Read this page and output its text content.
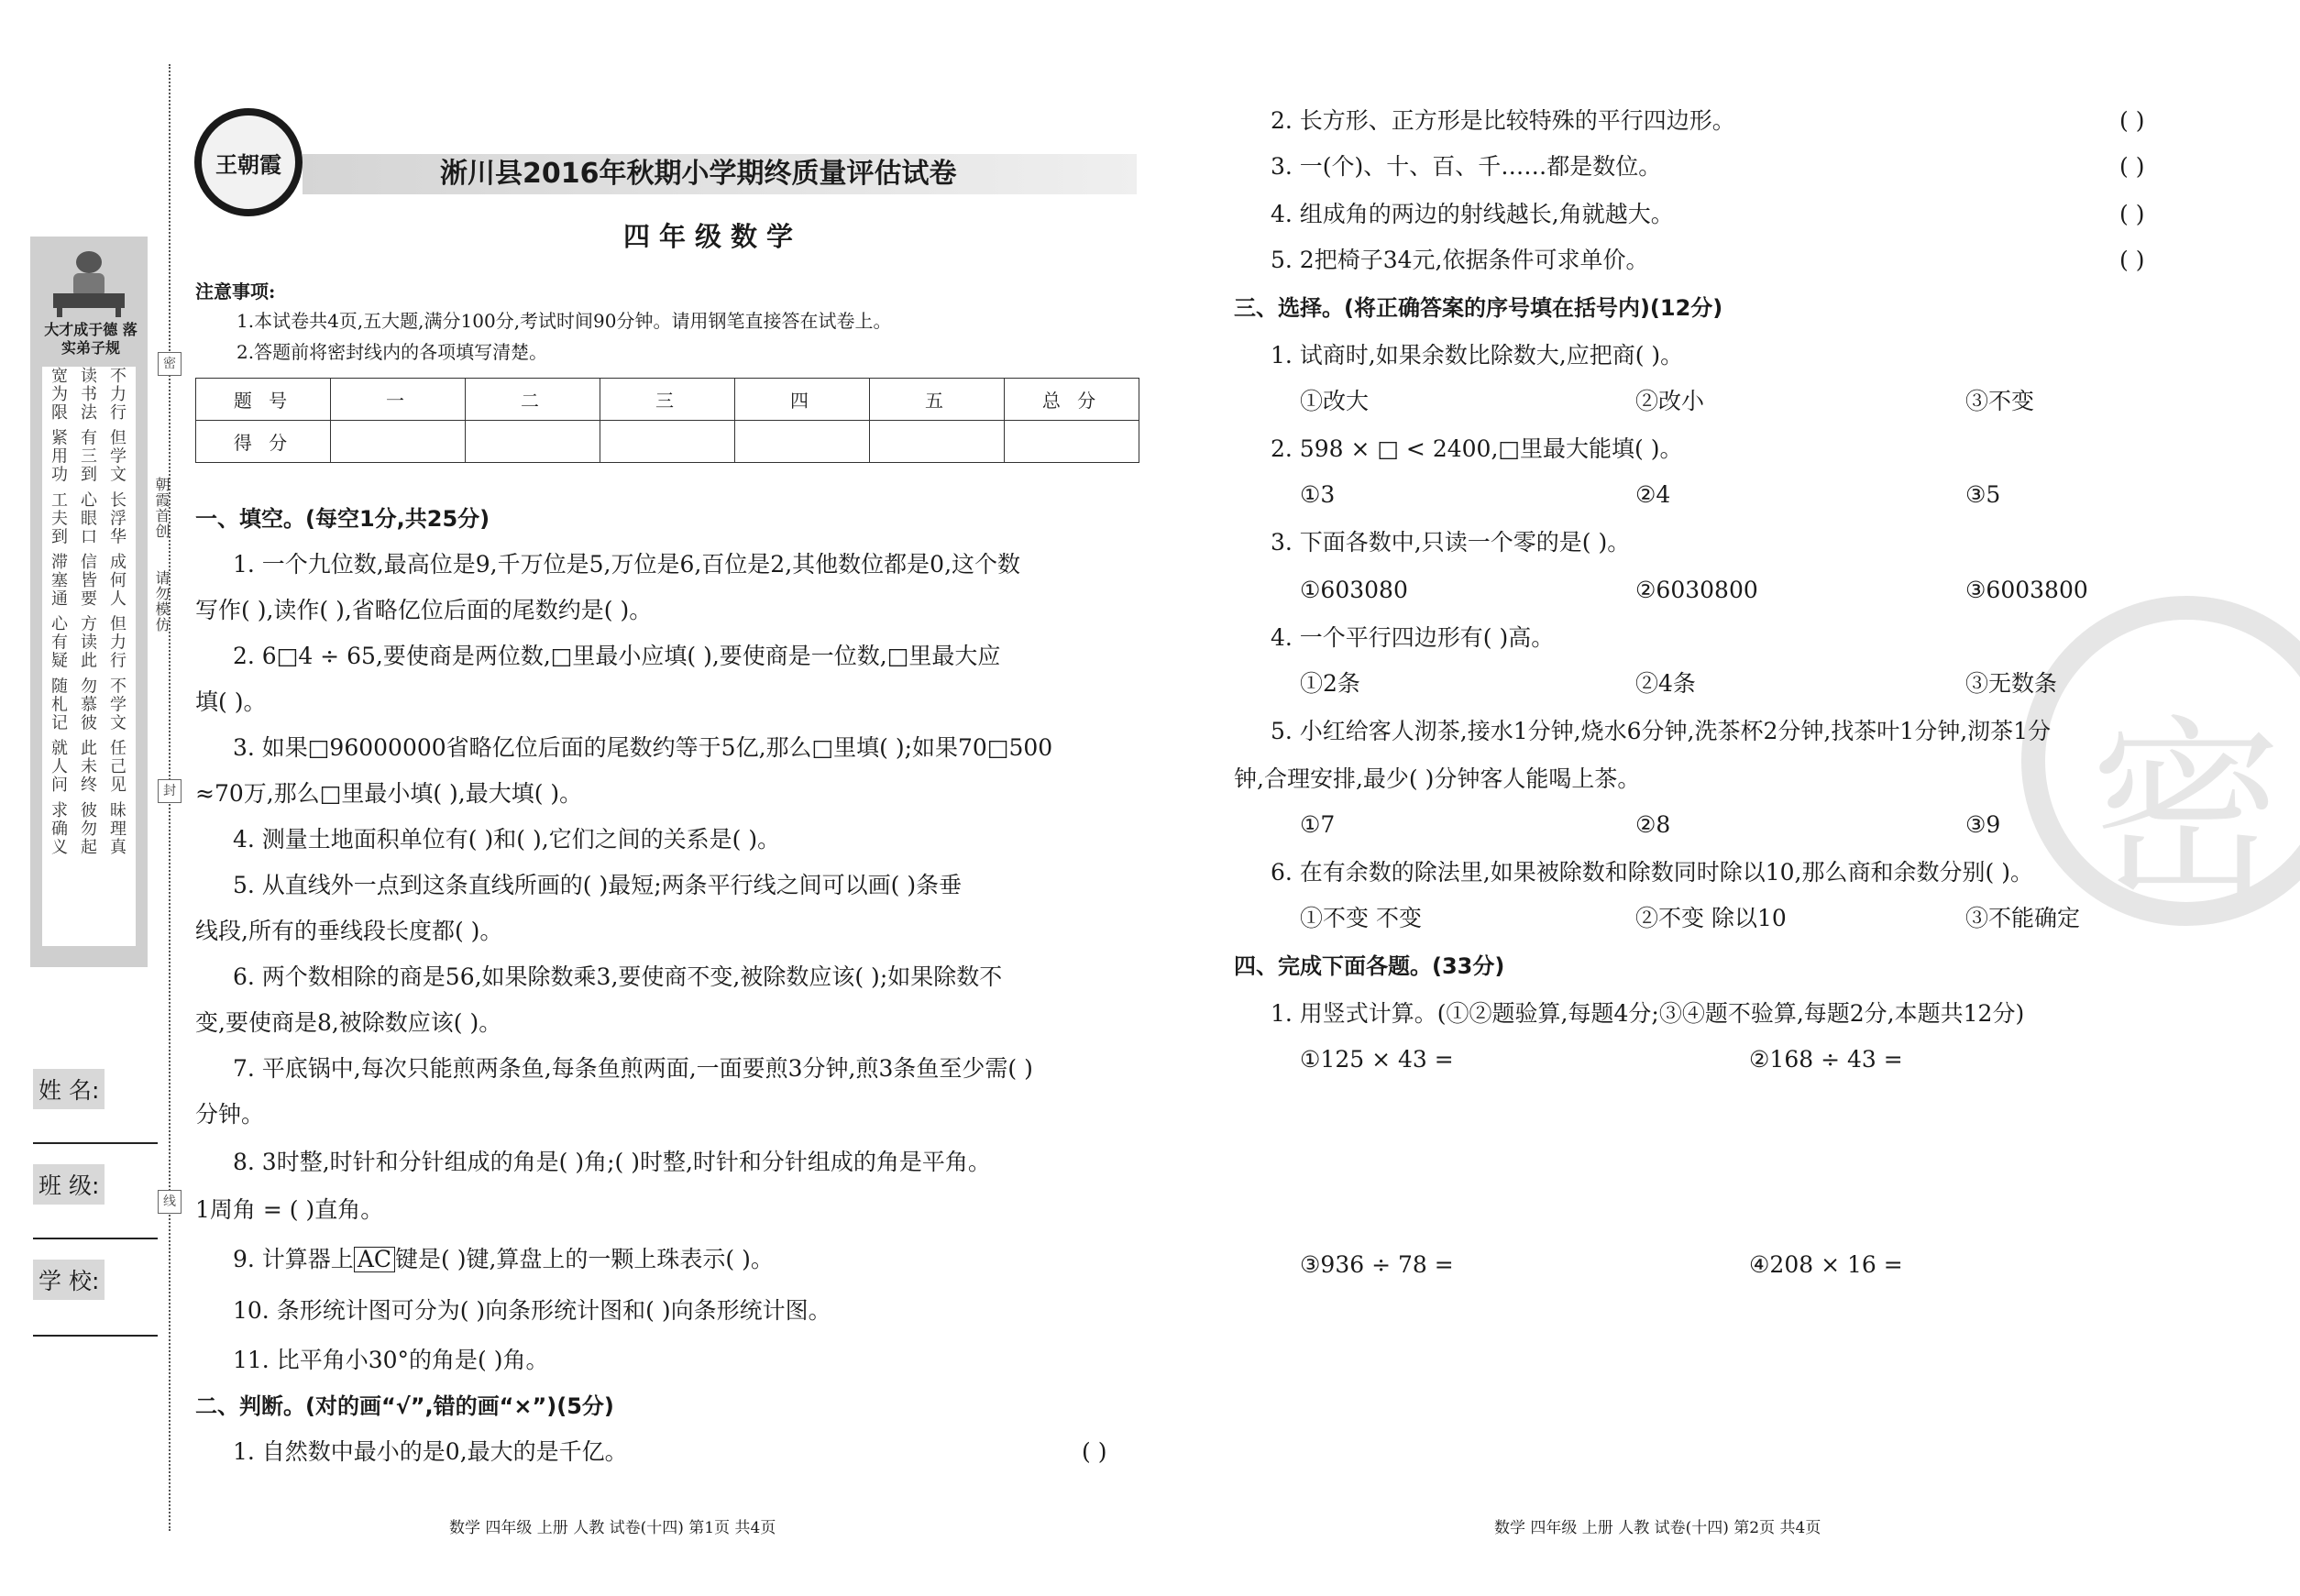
大才成于德 落实弟子规
不力行 但学文 长浮华 成何人 但力行 不学文 任己见 昧理真
读书法 有三到 心眼口 信皆要 方读此 勿慕彼 此未终 彼勿起
宽为限 紧用功 工夫到 滞塞通 心有疑 随札记 就人问 求确义
密
封
线
朝霞首创
请勿模仿
姓 名:
班 级:
学 校:
王朝霞	淅川县2016年秋期小学期终质量评估试卷
四年级数学
注意事项:
1.本试卷共4页,五大题,满分100分,考试时间90分钟。请用钢笔直接答在试卷上。
2.答题前将密封线内的各项填写清楚。
题 号	一	二	三	四	五	总 分
得 分						
一、填空。(每空1分,共25分)
1. 一个九位数,最高位是9,千万位是5,万位是6,百位是2,其他数位都是0,这个数
写作( ),读作( ),省略亿位后面的尾数约是( )。
2. 6□4 ÷ 65,要使商是两位数,□里最小应填( ),要使商是一位数,□里最大应
填( )。
3. 如果□96000000省略亿位后面的尾数约等于5亿,那么□里填( );如果70□500
≈70万,那么□里最小填( ),最大填( )。
4. 测量土地面积单位有( )和( ),它们之间的关系是( )。
5. 从直线外一点到这条直线所画的( )最短;两条平行线之间可以画( )条垂
线段,所有的垂线段长度都( )。
6. 两个数相除的商是56,如果除数乘3,要使商不变,被除数应该( );如果除数不
变,要使商是8,被除数应该( )。
7. 平底锅中,每次只能煎两条鱼,每条鱼煎两面,一面要煎3分钟,煎3条鱼至少需( )
分钟。
8. 3时整,时针和分针组成的角是( )角;( )时整,时针和分针组成的角是平角。
1周角 = ( )直角。
9. 计算器上 AC 键是( )键,算盘上的一颗上珠表示( )。
10. 条形统计图可分为( )向条形统计图和( )向条形统计图。
11. 比平角小30°的角是( )角。
二、判断。(对的画“√”,错的画“×”)(5分)
1. 自然数中最小的是0,最大的是千亿。	( )
2. 长方形、正方形是比较特殊的平行四边形。	( )
3. 一(个)、十、百、千……都是数位。	( )
4. 组成角的两边的射线越长,角就越大。	( )
5. 2把椅子34元,依据条件可求单价。	( )
密
三、选择。(将正确答案的序号填在括号内)(12分)
1. 试商时,如果余数比除数大,应把商( )。
①改大	②改小	③不变
2. 598 × □ < 2400,□里最大能填( )。
①3	②4	③5
3. 下面各数中,只读一个零的是( )。
①603080	②6030800	③6003800
4. 一个平行四边形有( )高。
①2条	②4条	③无数条
5. 小红给客人沏茶,接水1分钟,烧水6分钟,洗茶杯2分钟,找茶叶1分钟,沏茶1分
钟,合理安排,最少( )分钟客人能喝上茶。
①7	②8	③9
6. 在有余数的除法里,如果被除数和除数同时除以10,那么商和余数分别( )。
①不变 不变	②不变 除以10	③不能确定
四、完成下面各题。(33分)
1. 用竖式计算。(①②题验算,每题4分;③④题不验算,每题2分,本题共12分)
①125 × 43 =	②168 ÷ 43 =
③936 ÷ 78 =	④208 × 16 =
数学 四年级 上册 人教 试卷(十四) 第1页 共4页	数学 四年级 上册 人教 试卷(十四) 第2页 共4页
